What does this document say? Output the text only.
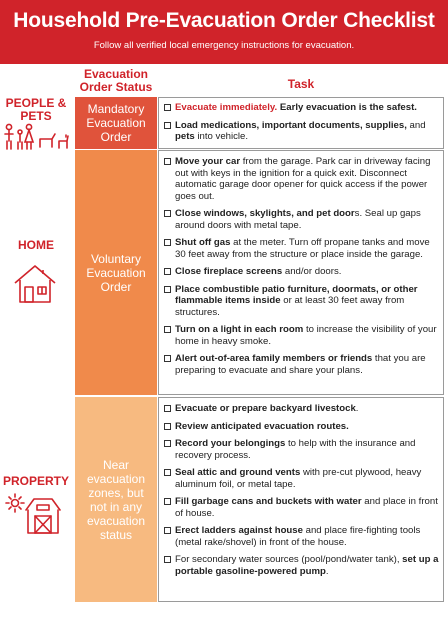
Household Pre-Evacuation Order Checklist
Follow all verified local emergency instructions for evacuation.
Evacuation Order Status	Task
PEOPLE & PETS	Mandatory Evacuation Order
Evacuate immediately. Early evacuation is the safest.
Load medications, important documents, supplies, and pets into vehicle.
HOME
Voluntary Evacuation Order
Move your car from the garage. Park car in driveway facing out with keys in the ignition for a quick exit. Disconnect automatic garage door opener for quick access if the power goes out.
Close windows, skylights, and pet doors. Seal up gaps around doors with metal tape.
Shut off gas at the meter. Turn off propane tanks and move 30 feet away from the structure or place inside the garage.
Close fireplace screens and/or doors.
Place combustible patio furniture, doormats, or other flammable items inside or at least 30 feet away from structures.
Turn on a light in each room to increase the visibility of your home in heavy smoke.
Alert out-of-area family members or friends that you are preparing to evacuate and share your plans.
PROPERTY
Near evacuation zones, but not in any evacuation status
Evacuate or prepare backyard livestock.
Review anticipated evacuation routes.
Record your belongings to help with the insurance and recovery process.
Seal attic and ground vents with pre-cut plywood, heavy aluminum foil, or metal tape.
Fill garbage cans and buckets with water and place in front of house.
Erect ladders against house and place fire-fighting tools (metal rake/shovel) in front of the house.
For secondary water sources (pool/pond/water tank), set up a portable gasoline-powered pump.
